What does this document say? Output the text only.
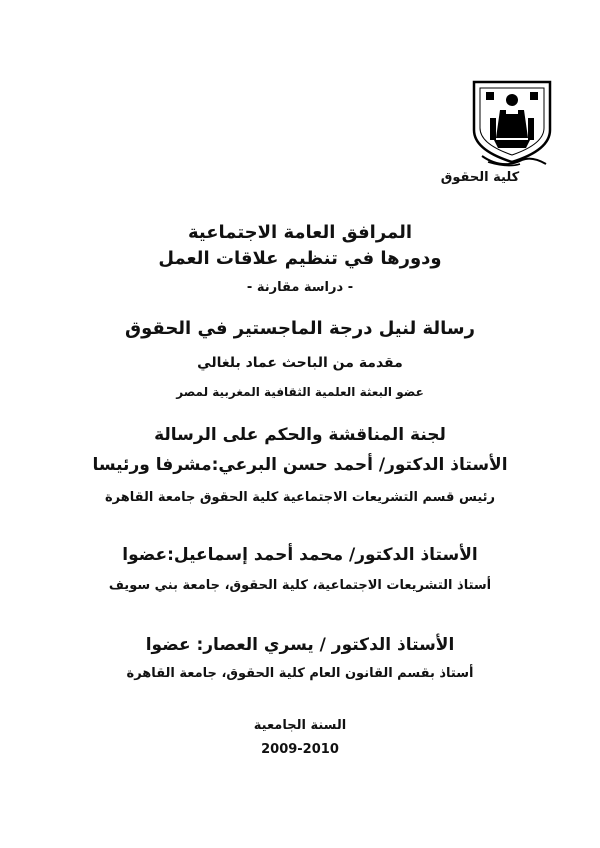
كلية الحقوق
المرافق العامة الاجتماعية
ودورها في تنظيم علاقات العمل
- دراسة مقارنة -
رسالة لنيل درجة الماجستير في الحقوق
مقدمة من الباحث عماد بلغالي
عضو البعثة العلمية الثقافية المغربية لمصر
لجنة المناقشة والحكم على الرسالة
الأستاذ الدكتور/ أحمد حسن البرعي:مشرفا ورئيسا
رئيس قسم التشريعات الاجتماعية كلية الحقوق جامعة القاهرة
الأستاذ الدكتور/ محمد أحمد إسماعيل:عضوا
أستاذ التشريعات الاجتماعية، كلية الحقوق، جامعة بني سويف
الأستاذ الدكتور / يسري العصار: عضوا
أستاذ بقسم القانون العام كلية الحقوق، جامعة القاهرة
السنة الجامعية
2009-2010
